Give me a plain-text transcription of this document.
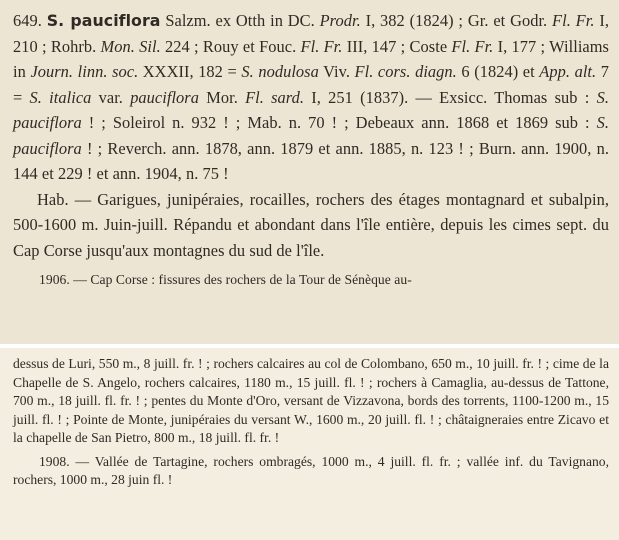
649. S. pauciflora Salzm. ex Otth in DC. Prodr. I, 382 (1824) ; Gr. et Godr. Fl. Fr. I, 210 ; Rohrb. Mon. Sil. 224 ; Rouy et Fouc. Fl. Fr. III, 147 ; Coste Fl. Fr. I, 177 ; Williams in Journ. linn. soc. XXXII, 182 = S. nodulosa Viv. Fl. cors. diagn. 6 (1824) et App. alt. 7 = S. italica var. pauciflora Mor. Fl. sard. I, 251 (1837). — Exsicc. Thomas sub : S. pauciflora ! ; Soleirol n. 932 ! ; Mab. n. 70 ! ; Debeaux ann. 1868 et 1869 sub : S. pauciflora ! ; Reverch. ann. 1878, ann. 1879 et ann. 1885, n. 123 ! ; Burn. ann. 1900, n. 144 et 229 ! et ann. 1904, n. 75 !

Hab. — Garigues, junipéraies, rocailles, rochers des étages montagnard et subalpin, 500-1600 m. Juin-juill. Répandu et abondant dans l'île entière, depuis les cimes sept. du Cap Corse jusqu'aux montagnes du sud de l'île.

1906. — Cap Corse : fissures des rochers de la Tour de Sénèque au-

dessus de Luri, 550 m., 8 juill. fr. ! ; rochers calcaires au col de Colombano, 650 m., 10 juill. fr. ! ; cime de la Chapelle de S. Angelo, rochers calcaires, 1180 m., 15 juill. fl. ! ; rochers à Camaglia, au-dessus de Tattone, 700 m., 18 juill. fl. fr. ! ; pentes du Monte d'Oro, versant de Vizzavona, bords des torrents, 1100-1200 m., 15 juill. fl. ! ; Pointe de Monte, junipéraies du versant W., 1600 m., 20 juill. fl. ! ; châtaigneraies entre Zicavo et la chapelle de San Pietro, 800 m., 18 juill. fl. fr. !

1908. — Vallée de Tartagine, rochers ombragés, 1000 m., 4 juill. fl. fr. ; vallée inf. du Tavignano, rochers, 1000 m., 28 juin fl. !
